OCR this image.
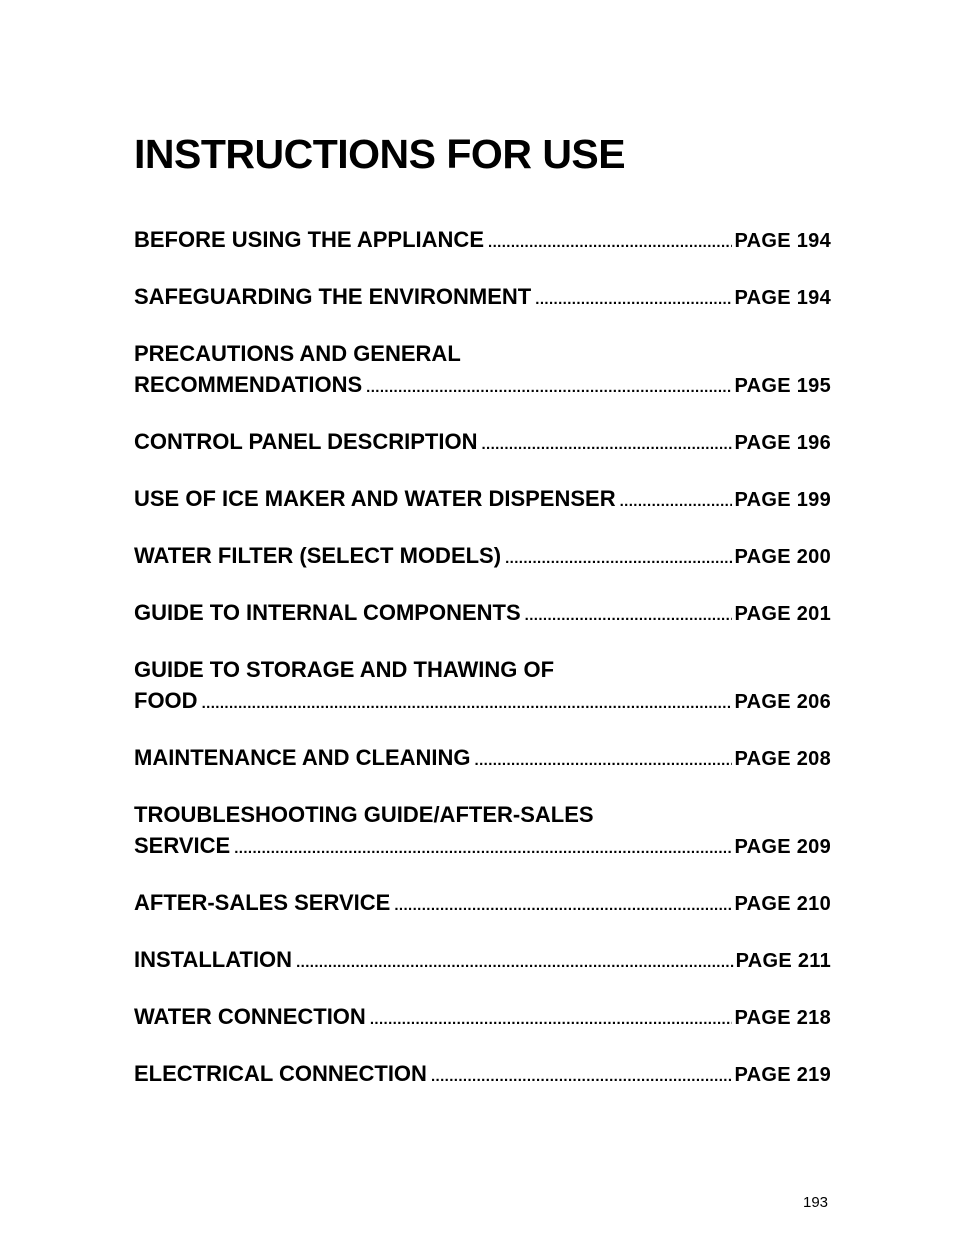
INSTRUCTIONS FOR USE
BEFORE USING THE APPLIANCE .....	PAGE 194
SAFEGUARDING THE ENVIRONMENT .....	PAGE 194
PRECAUTIONS AND GENERAL
RECOMMENDATIONS .....	PAGE 195
CONTROL PANEL DESCRIPTION .....	PAGE 196
USE OF ICE MAKER AND WATER DISPENSER .....	PAGE 199
WATER FILTER (SELECT MODELS) .....	PAGE 200
GUIDE TO INTERNAL COMPONENTS .....	PAGE 201
GUIDE TO STORAGE AND THAWING OF
FOOD .....	PAGE 206
MAINTENANCE AND CLEANING .....	PAGE 208
TROUBLESHOOTING GUIDE/AFTER-SALES
SERVICE .....	PAGE 209
AFTER-SALES SERVICE .....	PAGE 210
INSTALLATION .....	PAGE 211
WATER CONNECTION .....	PAGE 218
ELECTRICAL CONNECTION .....	PAGE 219
193
